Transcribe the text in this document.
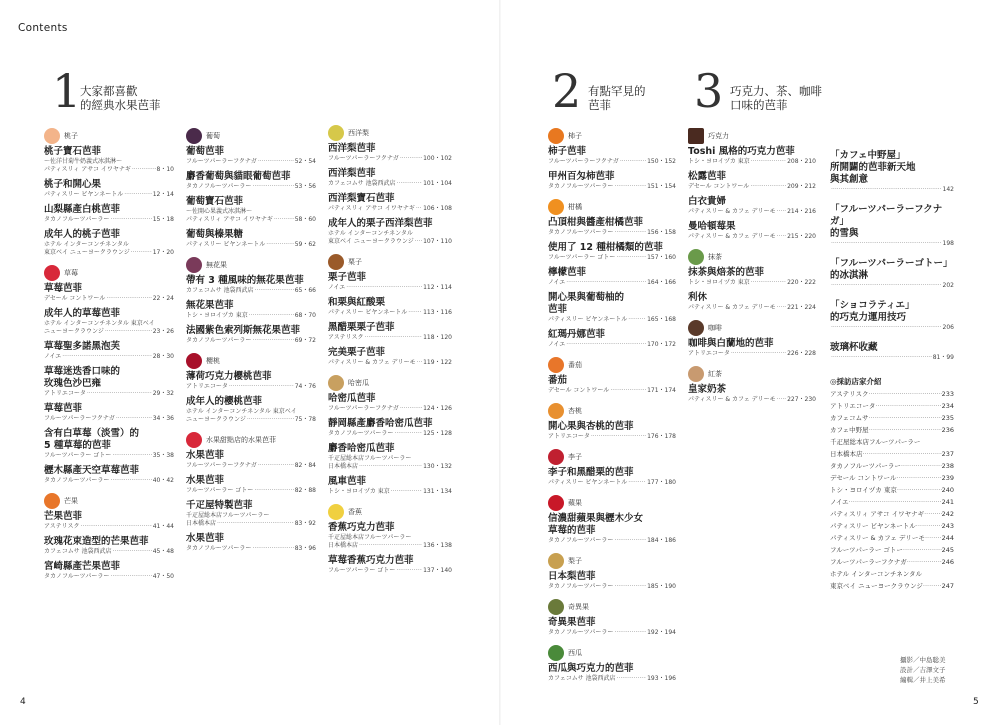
Contents
4	5
1
大家都喜歡
的經典水果芭菲	2 有點罕見的
芭菲	3 巧克力、茶、咖啡
口味的芭菲
桃子
桃子寶石芭菲
～佐洋甘菊牛奶義式冰淇淋～
パティスリィ アサコ イワヤナギ ·····	8・10
桃子和開心果
パティスリー ビヤンネートル ·····	12・14
山梨縣產白桃芭菲
タカノフルーツパーラー ·····	15・18
成年人的桃子芭菲
ホテル インターコンチネンタル
東京ベイ ニューヨークラウンジ ·····	17・20
草莓
草莓芭菲
デセール コントワール ·····	22・24
成年人的草莓芭菲
ホテル インターコンチネンタル 東京ベイ
ニューヨークラウンジ ·····	23・26
草莓聖多諾黑泡芙
ノイエ ·····	28・30
草莓迷迭香口味的
玫瑰色沙巴雍
アトリエコータ ·····	29・32
草莓芭菲
フルーツパーラーフクナガ ·····	34・36
含有白草莓（淡雪）的
5 種草莓的芭菲
フルーツパーラー ゴトー ·····	35・38
櫪木縣產天空草莓芭菲
タカノフルーツパーラー ·····	40・42
芒果
芒果芭菲
アステリスク ·····	41・44
玫瑰花束造型的芒果芭菲
カフェコムサ 池袋西武店 ·····	45・48
宮崎縣產芒果芭菲
タカノフルーツパーラー ·····	47・50
葡萄
葡萄芭菲
フルーツパーラーフクナガ ·····	52・54
麝香葡萄與貓眼葡萄芭菲
タカノフルーツパーラー ·····	53・56
葡萄寶石芭菲
～佐開心果義式冰淇淋～
パティスリィ アサコ イワヤナギ ·····	58・60
葡萄與榛果糖
パティスリー ビヤンネートル ·····	59・62
無花果
帶有 3 種風味的無花果芭菲
カフェコムサ 池袋西武店 ·····	65・66
無花果芭菲
トシ・ヨロイヅカ 東京 ·····	68・70
法國紫色索列斯無花果芭菲
タカノフルーツパーラー ·····	69・72
櫻桃
薄荷巧克力櫻桃芭菲
アトリエコータ ·····	74・76
成年人的櫻桃芭菲
ホテル インターコンチネンタル 東京ベイ
ニューヨークラウンジ ·····	75・78
水果甜點店的水果芭菲
水果芭菲
フルーツパーラーフクナガ ·····	82・84
水果芭菲
フルーツパーラー ゴトー ·····	82・88
千疋屋特製芭菲
千疋屋総本店フルーツパーラー
日本橋本店 ·····	83・92
水果芭菲
タカノフルーツパーラー ·····	83・96
西洋梨
西洋梨芭菲
フルーツパーラーフクナガ ·····	100・102
西洋梨芭菲
カフェコムサ 池袋西武店 ·····	101・104
西洋梨寶石芭菲
パティスリィ アサコ イワヤナギ ····· 106・108
成年人的栗子西洋梨芭菲
ホテル インターコンチネンタル
東京ベイ ニューヨークラウンジ ····· 107・110
栗子
栗子芭菲
ノイエ ·····	112・114
和栗與紅酸栗
パティスリー ビヤンネートル ·····	113・116
黑醋栗栗子芭菲
アステリスク ·····	118・120
完美栗子芭菲
パティスリー & カフェ デリーモ ····· 119・122
哈密瓜
哈密瓜芭菲
フルーツパーラーフクナガ ·····	124・126
靜岡縣產麝香哈密瓜芭菲
タカノフルーツパーラー ·····	125・128
麝香哈密瓜芭菲
千疋屋総本店フルーツパーラー
日本橋本店 ·····	130・132
風車芭菲
トシ・ヨロイヅカ 東京 ·····	131・134
香蕉
香蕉巧克力芭菲
千疋屋総本店フルーツパーラー
日本橋本店 ·····	136・138
草莓香蕉巧克力芭菲
フルーツパーラー ゴトー ·····	137・140
柿子
柿子芭菲
フルーツパーラーフクナガ ·····	150・152
甲州百匁柿芭菲
タカノフルーツパーラー ·····	151・154
柑橘
凸頂柑與醬產柑橘芭菲
タカノフルーツパーラー ·····	156・158
使用了 12 種柑橘類的芭菲
フルーツパーラー ゴトー ·····	157・160
檸檬芭菲
ノイエ ·····	164・166
開心果與葡萄柚的
芭菲
パティスリー ビヤンネートル ·····	165・168
紅瑪丹娜芭菲
ノイエ ·····	170・172
番茄
番茄
デセール コントワール ·····	171・174
杏桃
開心果與杏桃的芭菲
アトリエコータ ·····	176・178
李子
李子和黑醋栗的芭菲
パティスリー ビヤンネートル ·····	177・180
蘋果
信濃甜蘋果與櫪木少女
草莓的芭菲
タカノフルーツパーラー ·····	184・186
梨子
日本梨芭菲
タカノフルーツパーラー ·····	185・190
奇異果
奇異果芭菲
タカノフルーツパーラー ·····	192・194
西瓜
西瓜與巧克力的芭菲
カフェコムサ 池袋西武店 ·····	193・196
巧克力
Toshi 風格的巧克力芭菲
トシ・ヨロイヅカ 東京 ·····	208・210
松露芭菲
デセール コントワール ·····	209・212
白衣貴婦
パティスリー & カフェ デリーモ ····· 214・216
曼哈頓莓果
パティスリー & カフェ デリーモ ····· 215・220
抹茶
抹茶與焙茶的芭菲
トシ・ヨロイヅカ 東京 ·····	220・222
利休
パティスリー & カフェ デリーモ ····· 221・224
咖啡
咖啡與白蘭地的芭菲
アトリエコータ ·····	226・228
紅茶
皇家奶茶
パティスリー & カフェ デリーモ ····· 227・230
「カフェ中野屋」
所開闢的芭菲新天地
與其創意
·····
142
「フルーツパーラーフクナガ」
的雪與
·····
198
「フルーツパーラーゴトー」
的冰淇淋
·····
202
「ショコラティエ」
的巧克力運用技巧
·····
206
玻璃杯收藏
·····
81・99
◎採訪店家介紹
アステリスク ·····	233
アトリエコータ ·····	234
カフェコムサ ·····	235
カフェ中野屋 ·····	236
千疋屋総本店フルーツパーラー
日本橋本店 ·····	237
タカノフルーツパーラー ·····	238
デセール コントワール ·····	239
トシ・ヨロイヅカ 東京 ·····	240
ノイエ ·····	241
パティスリィ アサコ イワヤナギ ·····	242
パティスリー ビヤンネートル ·····	243
パティスリー & カフェ デリーモ ·····	244
フルーツパーラー ゴトー ·····	245
フルーツパーラーフクナガ ·····	246
ホテル インターコンチネンタル
東京ベイ ニューヨークラウンジ ·····	247
攝影／中島聡美
設計／吉澤文子
編輯／井上美希
